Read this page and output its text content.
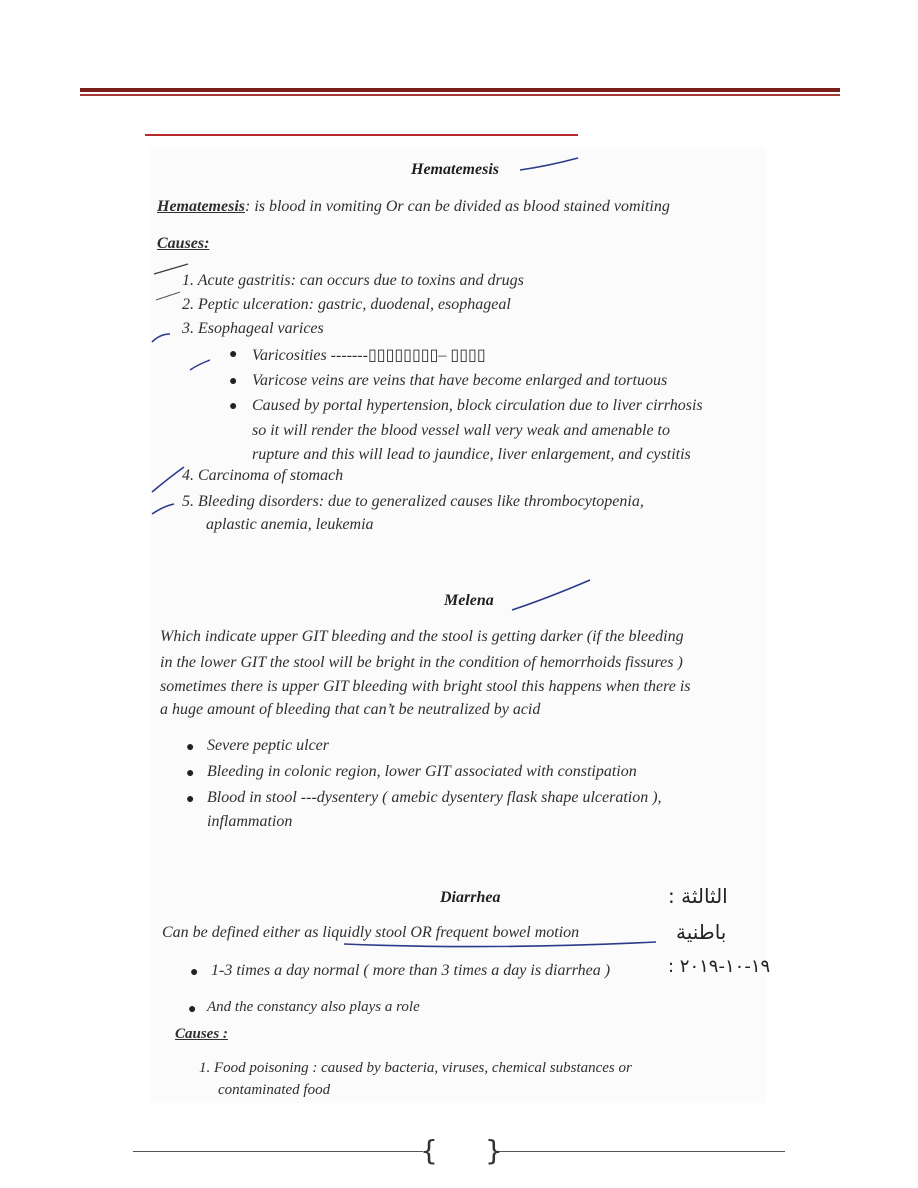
Hematemesis
Hematemesis: is blood in vomiting Or can be divided as blood stained vomiting
Causes:
1. Acute gastritis: can occurs due to toxins and drugs
2. Peptic ulceration: gastric, duodenal, esophageal
3. Esophageal varices
● Varicosities -------▯▯▯▯▯▯▯▯– ▯▯▯▯
● Varicose veins are veins that have become enlarged and tortuous
● Caused by portal hypertension, block circulation due to liver cirrhosis
so it will render the blood vessel wall very weak and amenable to
rupture and this will lead to jaundice, liver enlargement, and cystitis
4. Carcinoma of stomach
5. Bleeding disorders: due to generalized causes like thrombocytopenia,
aplastic anemia, leukemia
Melena
Which indicate upper GIT bleeding and the stool is getting darker (if the bleeding
in the lower GIT the stool will be bright in the condition of hemorrhoids fissures )
sometimes there is upper GIT bleeding with bright stool this happens when there is
a huge amount of bleeding that can’t be neutralized by acid
● Severe peptic ulcer
● Bleeding in colonic region, lower GIT associated with constipation
● Blood in stool ---dysentery ( amebic dysentery flask shape ulceration ),
inflammation
Diarrhea
Can be defined either as liquidly stool OR frequent bowel motion
● 1-3 times a day normal ( more than 3 times a day is diarrhea )
● And the constancy also plays a role
Causes :
1. Food poisoning : caused by bacteria, viruses, chemical substances or
contaminated food
الثالثة :
باطنية
١٩-١٠-٢٠١٩ :
{ }
